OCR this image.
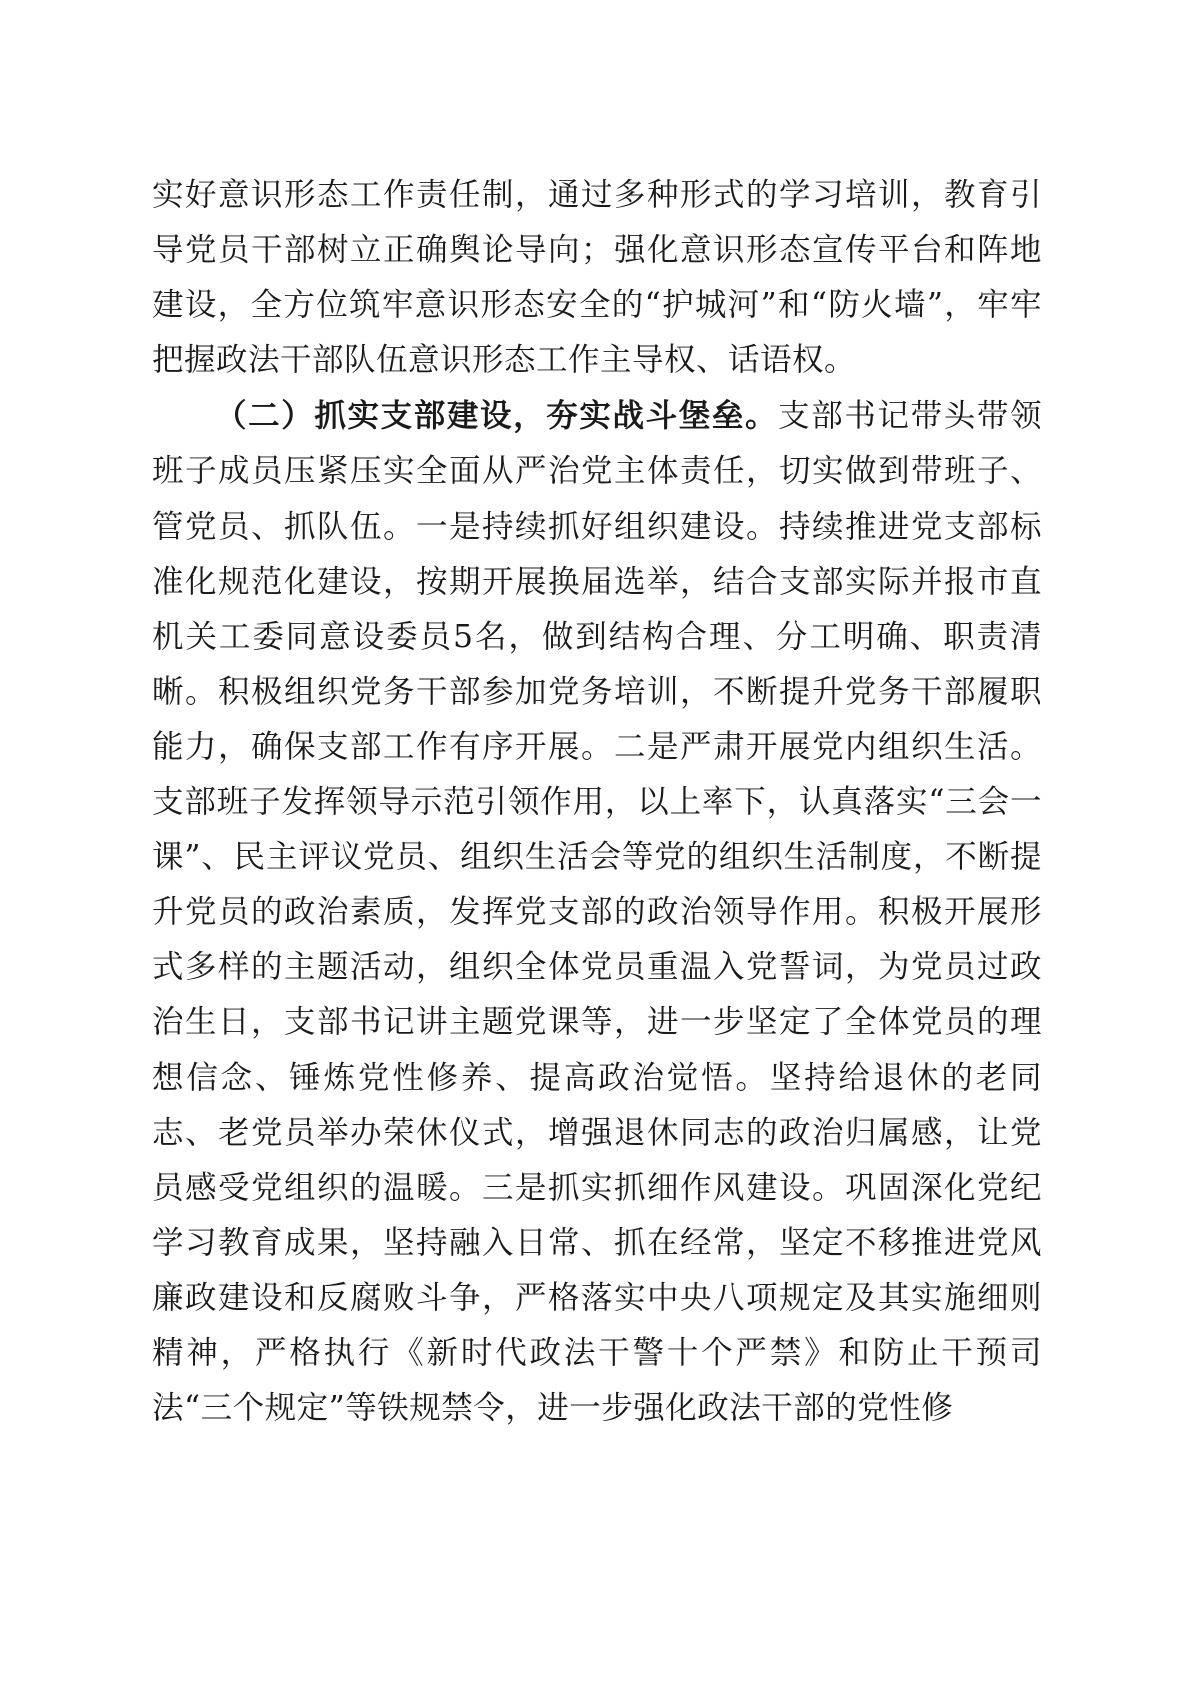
实好意识形态工作责任制，通过多种形式的学习培训，教育引导党员干部树立正确舆论导向；强化意识形态宣传平台和阵地建设，全方位筑牢意识形态安全的“护城河”和“防火墙”，牢牢把握政法干部队伍意识形态工作主导权、话语权。

（二）抓实支部建设，夯实战斗堡垒。支部书记带头带领班子成员压紧压实全面从严治党主体责任，切实做到带班子、管党员、抓队伍。一是持续抓好组织建设。持续推进党支部标准化规范化建设，按期开展换届选举，结合支部实际并报市直机关工委同意设委员5名，做到结构合理、分工明确、职责清晰。积极组织党务干部参加党务培训，不断提升党务干部履职能力，确保支部工作有序开展。二是严肃开展党内组织生活。支部班子发挥领导示范引领作用，以上率下，认真落实“三会一课”、民主评议党员、组织生活会等党的组织生活制度，不断提升党员的政治素质，发挥党支部的政治领导作用。积极开展形式多样的主题活动，组织全体党员重温入党誓词，为党员过政治生日，支部书记讲主题党课等，进一步坚定了全体党员的理想信念、锤炼党性修养、提高政治觉悟。坚持给退休的老同志、老党员举办荣休仪式，增强退休同志的政治归属感，让党员感受党组织的温暖。三是抓实抓细作风建设。巩固深化党纪学习教育成果，坚持融入日常、抓在经常，坚定不移推进党风廉政建设和反腐败斗争，严格落实中央八项规定及其实施细则精神，严格执行《新时代政法干警十个严禁》和防止干预司法“三个规定”等铁规禁令，进一步强化政法干部的党性修
